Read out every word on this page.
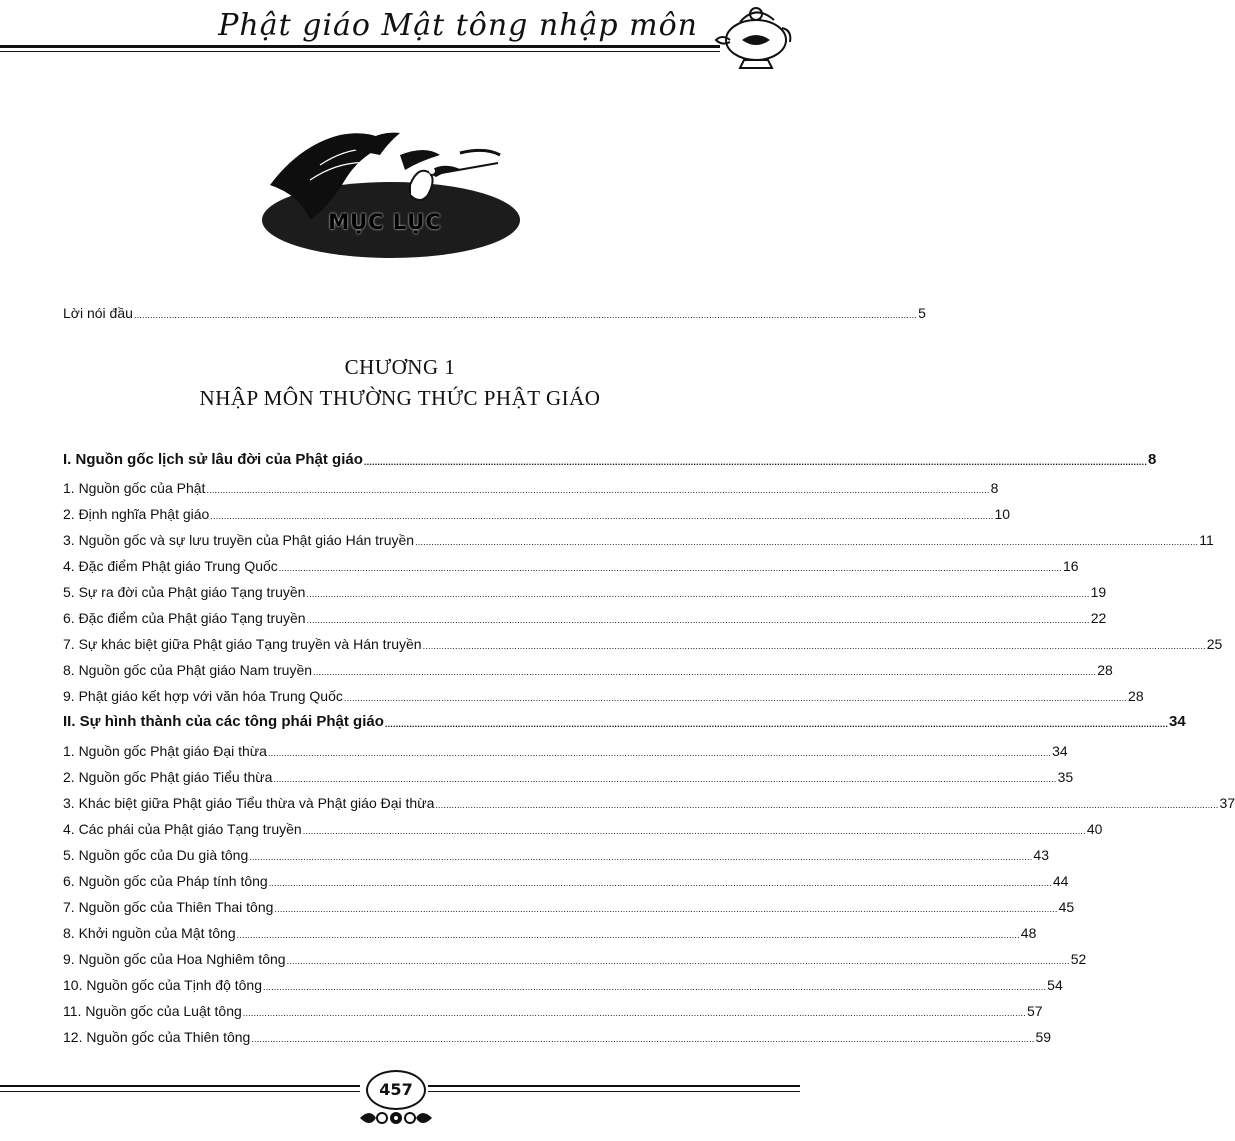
Phật giáo Mật tông nhập môn
MỤC LỤC
Lời nói đầu .................................................................................................................................................................................................................................................................................................. 5
CHƯƠNG 1
NHẬP MÔN THƯỜNG THỨC PHẬT GIÁO
I. Nguồn gốc lịch sử lâu đời của Phật giáo .................................................................................................................................................................................................................................................................................................. 8
1. Nguồn gốc của Phật .................................................................................................................................................................................................................................................................................................. 8
2. Định nghĩa Phật giáo .................................................................................................................................................................................................................................................................................................. 10
3. Nguồn gốc và sự lưu truyền của Phật giáo Hán truyền .................................................................................................................................................................................................................................................................................................. 11
4. Đặc điểm Phật giáo Trung Quốc .................................................................................................................................................................................................................................................................................................. 16
5. Sự ra đời của Phật giáo Tạng truyền .................................................................................................................................................................................................................................................................................................. 19
6. Đặc điểm của Phật giáo Tạng truyền .................................................................................................................................................................................................................................................................................................. 22
7. Sự khác biệt giữa Phật giáo Tạng truyền và Hán truyền .................................................................................................................................................................................................................................................................................................. 25
8. Nguồn gốc của Phật giáo Nam truyền .................................................................................................................................................................................................................................................................................................. 28
9. Phật giáo kết hợp với văn hóa Trung Quốc .................................................................................................................................................................................................................................................................................................. 28
II. Sự hình thành của các tông phái Phật giáo .................................................................................................................................................................................................................................................................................................. 34
1. Nguồn gốc Phật giáo Đại thừa .................................................................................................................................................................................................................................................................................................. 34
2. Nguồn gốc Phật giáo Tiểu thừa .................................................................................................................................................................................................................................................................................................. 35
3. Khác biệt giữa Phật giáo Tiểu thừa và Phật giáo Đại thừa .................................................................................................................................................................................................................................................................................................. 37
4. Các phái của Phật giáo Tạng truyền .................................................................................................................................................................................................................................................................................................. 40
5. Nguồn gốc của Du già tông .................................................................................................................................................................................................................................................................................................. 43
6. Nguồn gốc của Pháp tính tông .................................................................................................................................................................................................................................................................................................. 44
7. Nguồn gốc của Thiên Thai tông .................................................................................................................................................................................................................................................................................................. 45
8. Khởi nguồn của Mật tông .................................................................................................................................................................................................................................................................................................. 48
9. Nguồn gốc của Hoa Nghiêm tông .................................................................................................................................................................................................................................................................................................. 52
10. Nguồn gốc của Tịnh độ tông .................................................................................................................................................................................................................................................................................................. 54
11. Nguồn gốc của Luật tông .................................................................................................................................................................................................................................................................................................. 57
12. Nguồn gốc của Thiên tông .................................................................................................................................................................................................................................................................................................. 59
457
